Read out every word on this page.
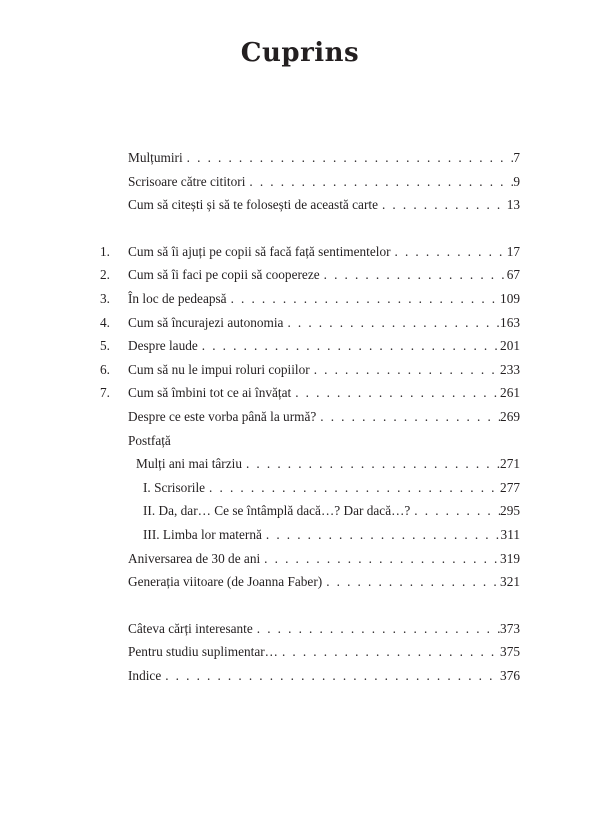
Cuprins
Mulțumiri . . .	7
Scrisoare către cititori . . .	9
Cum să citești și să te folosești de această carte . . .	13
1. Cum să îi ajuți pe copii să facă față sentimentelor . . .	17
2. Cum să îi faci pe copii să coopereze . . .	67
3. În loc de pedeapsă . . .	109
4. Cum să încurajezi autonomia . . .	163
5. Despre laude . . .	201
6. Cum să nu le impui roluri copiilor . . .	233
7. Cum să îmbini tot ce ai învățat . . .	261
Despre ce este vorba până la urmă? . . .	269
Postfață
Mulți ani mai târziu . . .	271
I. Scrisorile . . .	277
II. Da, dar… Ce se întâmplă dacă…? Dar dacă…? . . .	295
III. Limba lor maternă . . .	311
Aniversarea de 30 de ani . . .	319
Generația viitoare (de Joanna Faber) . . .	321
Câteva cărți interesante . . .	373
Pentru studiu suplimentar… . . .	375
Indice . . .	376
